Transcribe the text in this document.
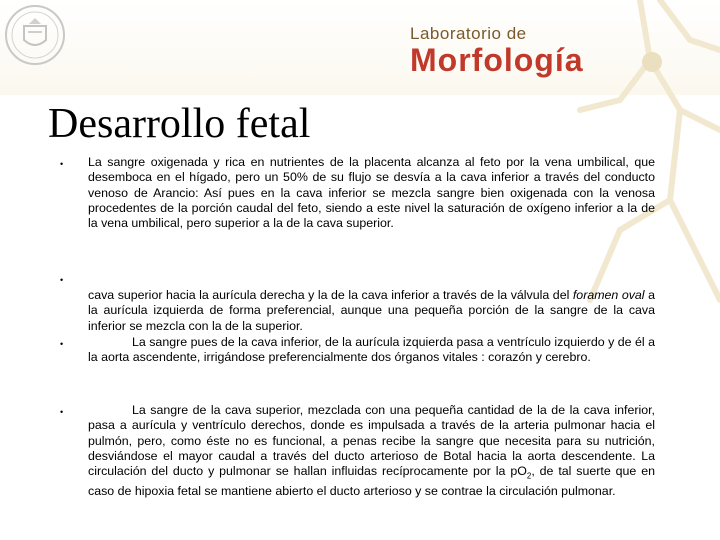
Laboratorio de
Morfología
Desarrollo fetal
• La sangre oxigenada y rica en nutrientes de la placenta alcanza al feto por la vena umbilical, que desemboca en el hígado, pero un 50% de su flujo se desvía a la cava inferior a través del conducto venoso de Arancio: Así pues en la cava inferior se mezcla sangre bien oxigenada con la venosa procedentes de la porción caudal del feto, siendo a este nivel la saturación de oxígeno inferior a la de la vena umbilical, pero superior a la de la cava superior.
•
cava superior hacia la aurícula derecha y la de la cava inferior a través de la válvula del foramen oval a la aurícula izquierda de forma preferencial, aunque una pequeña porción de la sangre de la cava inferior se mezcla con la de la superior.
•	La sangre pues de la cava inferior, de la aurícula izquierda pasa a ventrículo izquierdo y de él a la aorta ascendente, irrigándose preferencialmente dos órganos vitales : corazón y cerebro.
•	La sangre de la cava superior, mezclada con una pequeña cantidad de la de la cava inferior, pasa a aurícula y ventrículo derechos, donde es impulsada a través de la arteria pulmonar hacia el pulmón, pero, como éste no es funcional, a penas recibe la sangre que necesita para su nutrición, desviándose el mayor caudal a través del ducto arterioso de Botal hacia la aorta descendente. La circulación del ducto y pulmonar se hallan influidas recíprocamente por la $pO_2$, de tal suerte que en caso de hipoxia fetal se mantiene abierto el ducto arterioso y se contrae la circulación pulmonar.
